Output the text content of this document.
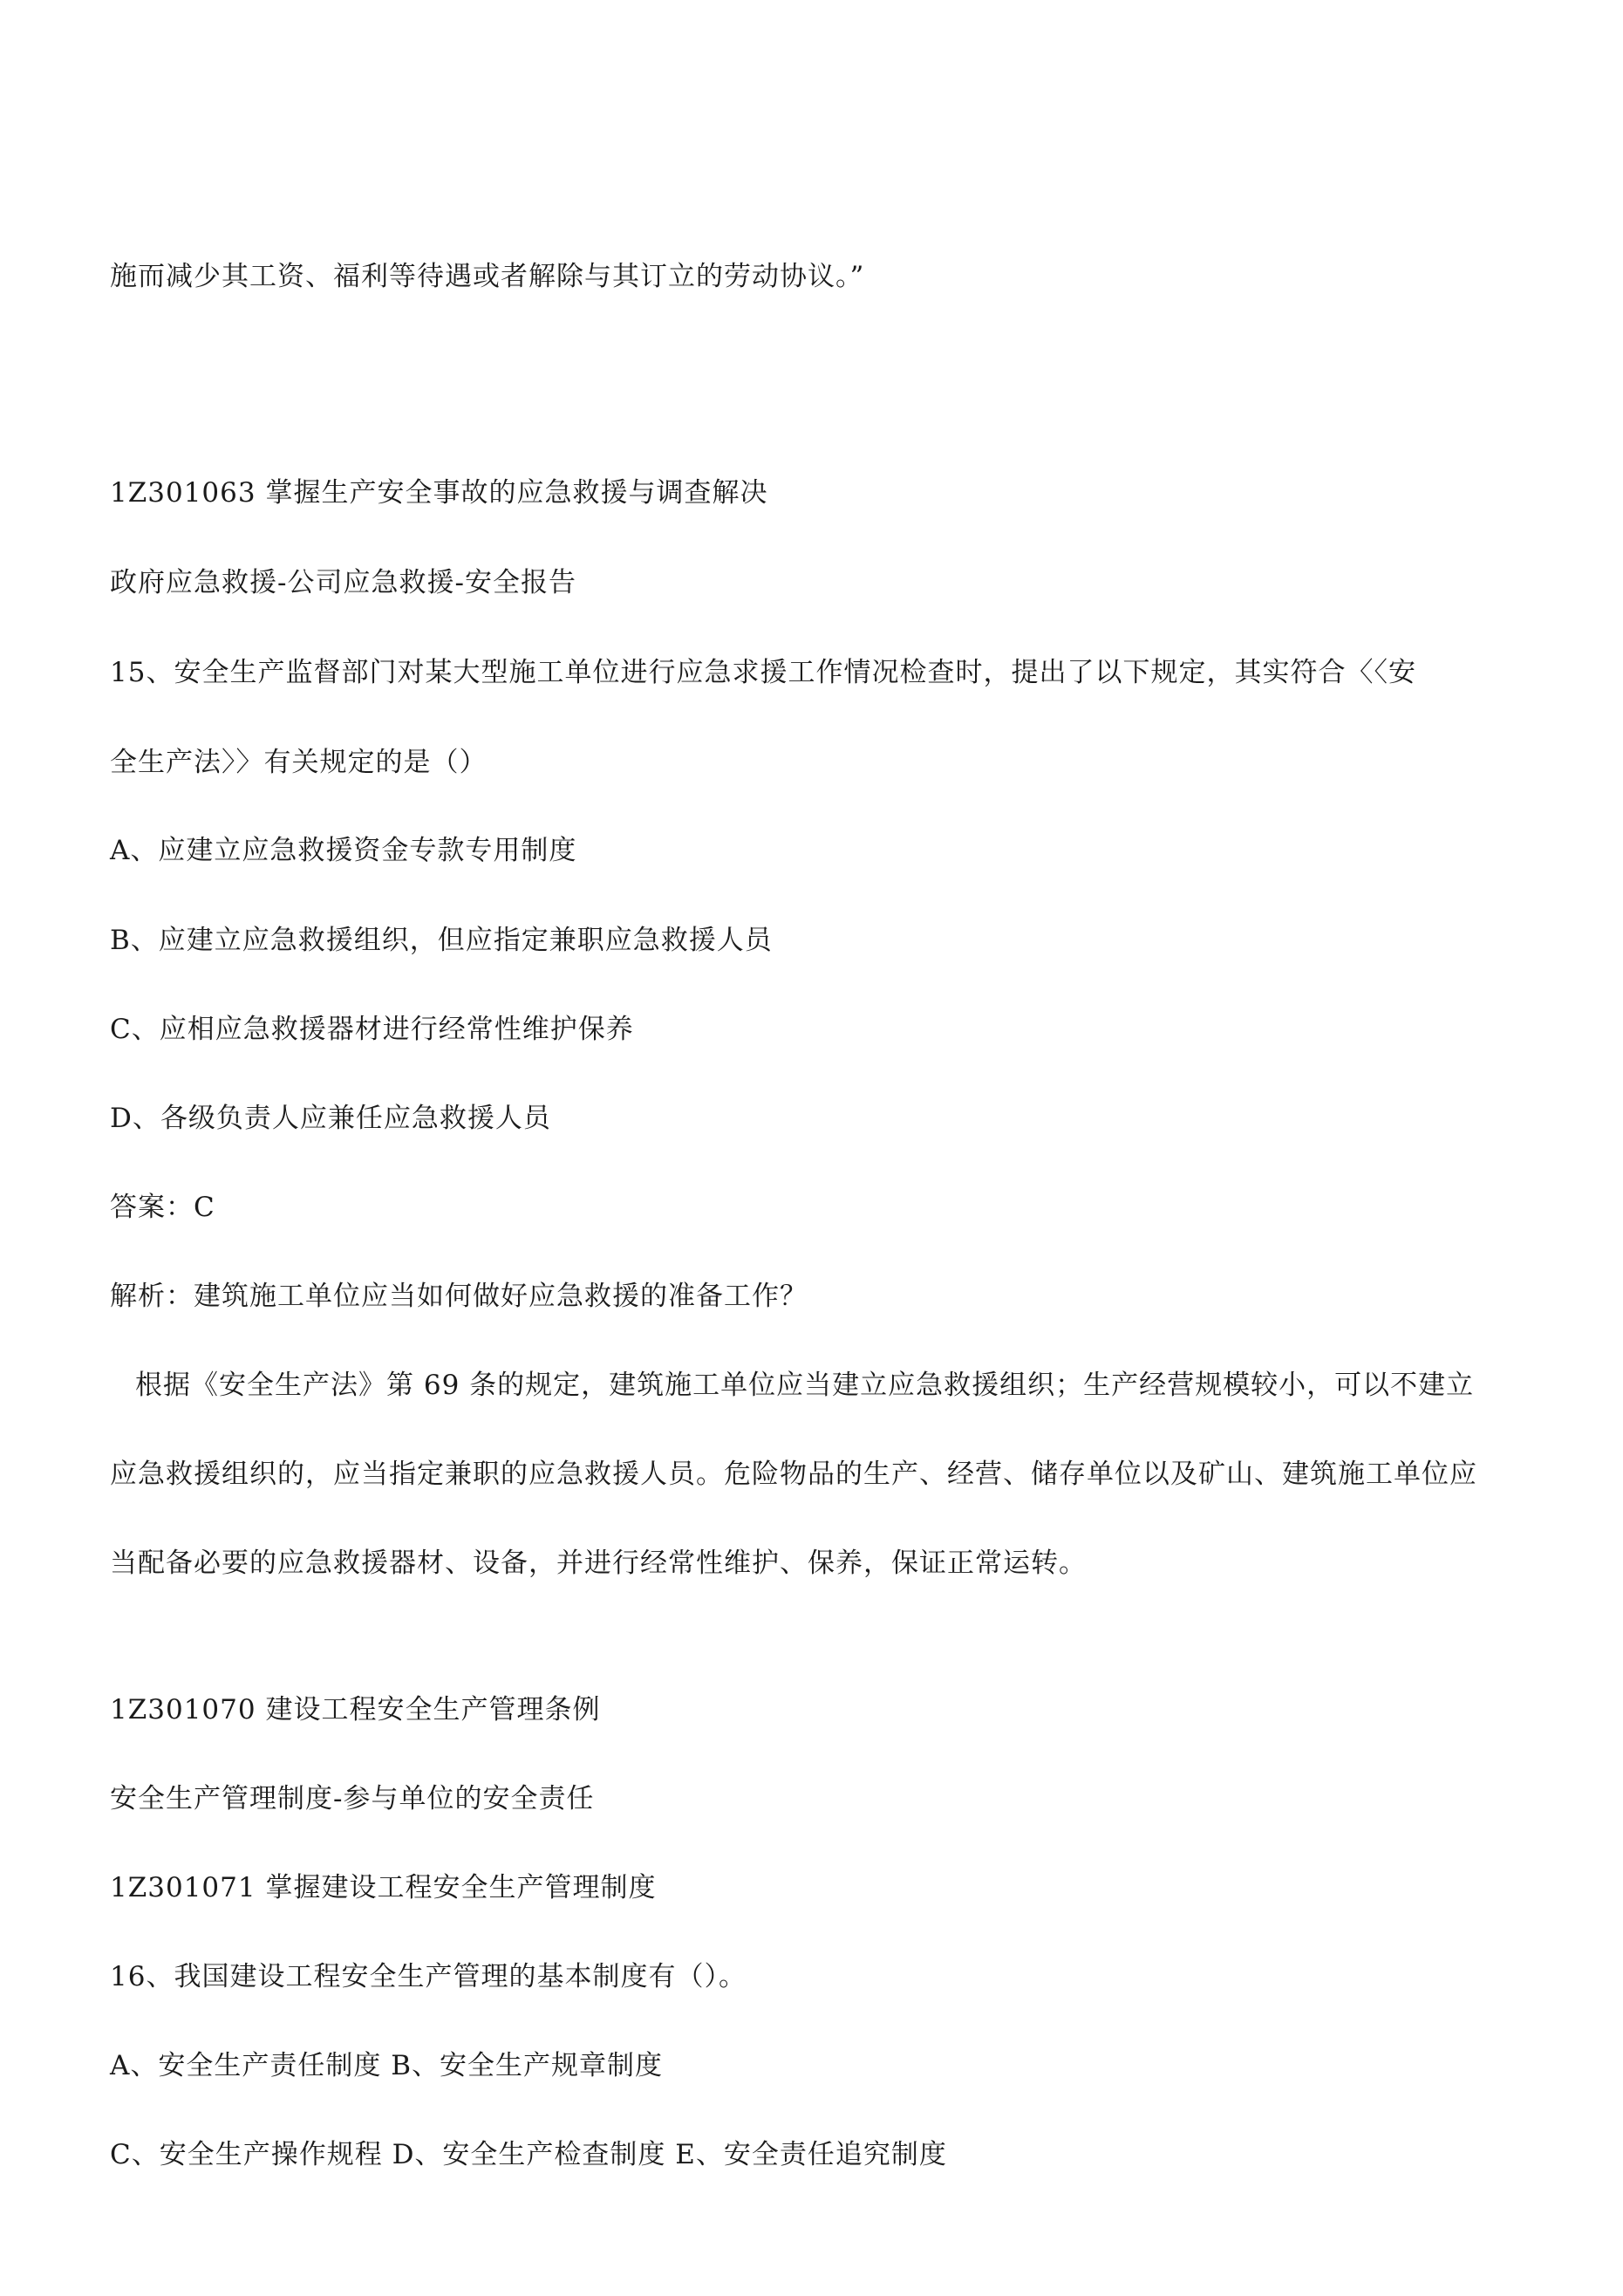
施而减少其工资、福利等待遇或者解除与其订立的劳动协议。”
1Z301063 掌握生产安全事故的应急救援与调查解决
政府应急救援-公司应急救援-安全报告
15、安全生产监督部门对某大型施工单位进行应急求援工作情况检查时，提出了以下规定，其实符合〈〈安
全生产法〉〉有关规定的是（）
A、应建立应急救援资金专款专用制度
B、应建立应急救援组织，但应指定兼职应急救援人员
C、应相应急救援器材进行经常性维护保养
D、各级负责人应兼任应急救援人员
答案：C
解析：建筑施工单位应当如何做好应急救援的准备工作？
根据《安全生产法》第 69 条的规定，建筑施工单位应当建立应急救援组织；生产经营规模较小，可以不建立
应急救援组织的，应当指定兼职的应急救援人员。危险物品的生产、经营、储存单位以及矿山、建筑施工单位应
当配备必要的应急救援器材、设备，并进行经常性维护、保养，保证正常运转。
1Z301070 建设工程安全生产管理条例
安全生产管理制度-参与单位的安全责任
1Z301071 掌握建设工程安全生产管理制度
16、我国建设工程安全生产管理的基本制度有（）。
A、安全生产责任制度 B、安全生产规章制度
C、安全生产操作规程 D、安全生产检查制度 E、安全责任追究制度
